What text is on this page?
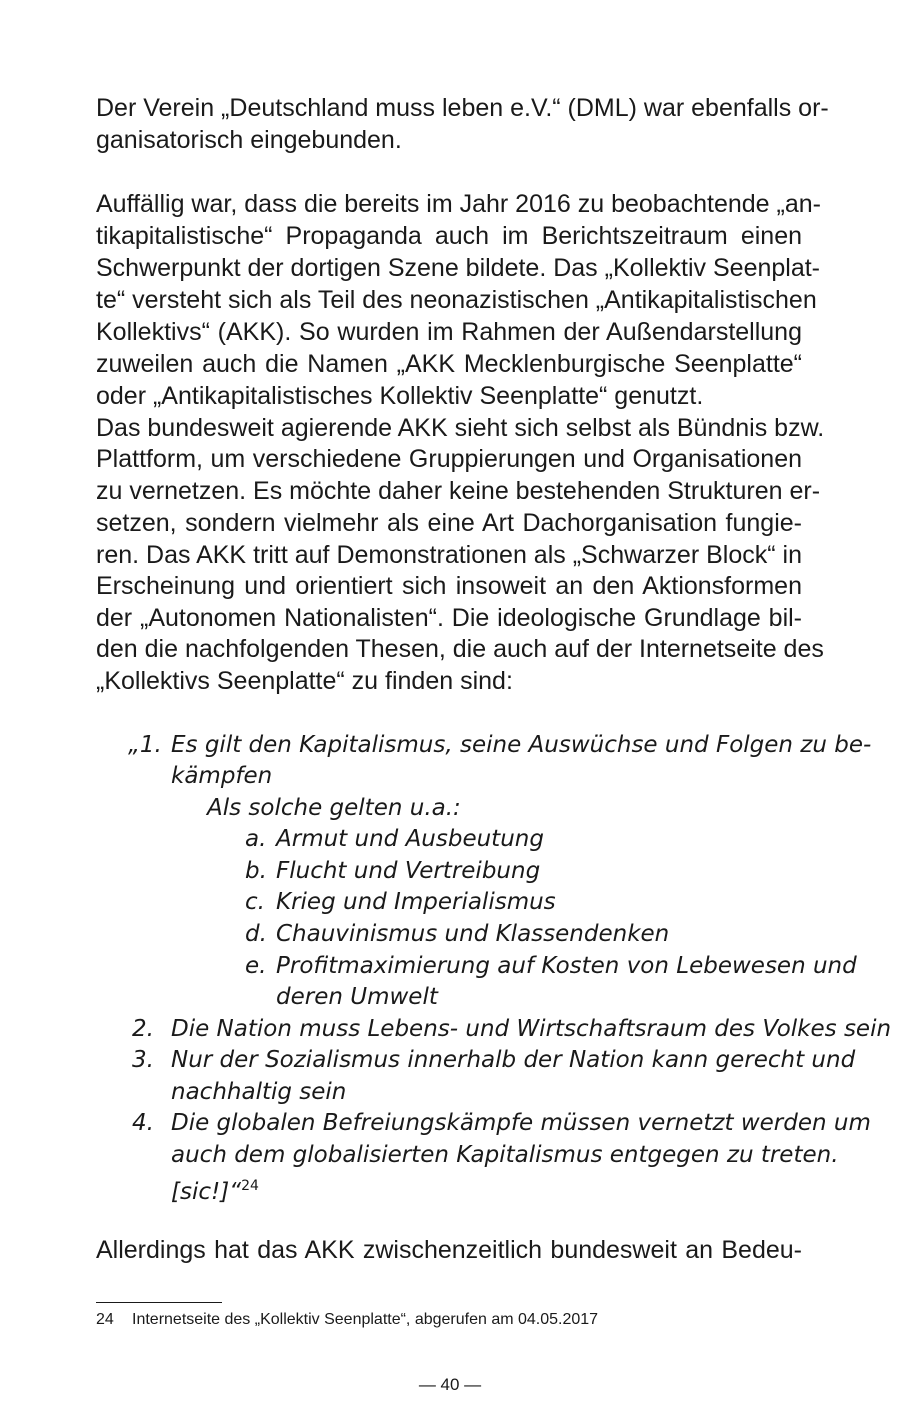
Der Verein „Deutschland muss leben e.V.“ (DML) war ebenfalls or-
ganisatorisch eingebunden.
Auffällig war, dass die bereits im Jahr 2016 zu beobachtende „an-
tikapitalistische“ Propaganda auch im Berichtszeitraum einen
Schwerpunkt der dortigen Szene bildete. Das „Kollektiv Seenplat-
te“ versteht sich als Teil des neonazistischen „Antikapitalistischen
Kollektivs“ (AKK). So wurden im Rahmen der Außendarstellung
zuweilen auch die Namen „AKK Mecklenburgische Seenplatte“
oder „Antikapitalistisches Kollektiv Seenplatte“ genutzt.
Das bundesweit agierende AKK sieht sich selbst als Bündnis bzw.
Plattform, um verschiedene Gruppierungen und Organisationen
zu vernetzen. Es möchte daher keine bestehenden Strukturen er-
setzen, sondern vielmehr als eine Art Dachorganisation fungie-
ren. Das AKK tritt auf Demonstrationen als „Schwarzer Block“ in
Erscheinung und orientiert sich insoweit an den Aktionsformen
der „Autonomen Nationalisten“. Die ideologische Grundlage bil-
den die nachfolgenden Thesen, die auch auf der Internetseite des
„Kollektivs Seenplatte“ zu finden sind:
„1. Es gilt den Kapitalismus, seine Auswüchse und Folgen zu be-
kämpfen
Als solche gelten u.a.:
a. Armut und Ausbeutung
b. Flucht und Vertreibung
c. Krieg und Imperialismus
d. Chauvinismus und Klassendenken
e. Profitmaximierung auf Kosten von Lebewesen und
deren Umwelt
2. Die Nation muss Lebens- und Wirtschaftsraum des Volkes sein
3. Nur der Sozialismus innerhalb der Nation kann gerecht und
nachhaltig sein
4. Die globalen Befreiungskämpfe müssen vernetzt werden um
auch dem globalisierten Kapitalismus entgegen zu treten.
[sic!]“$^{24}$
Allerdings hat das AKK zwischenzeitlich bundesweit an Bedeu-
24 Internetseite des „Kollektiv Seenplatte“, abgerufen am 04.05.2017
— 40 —
